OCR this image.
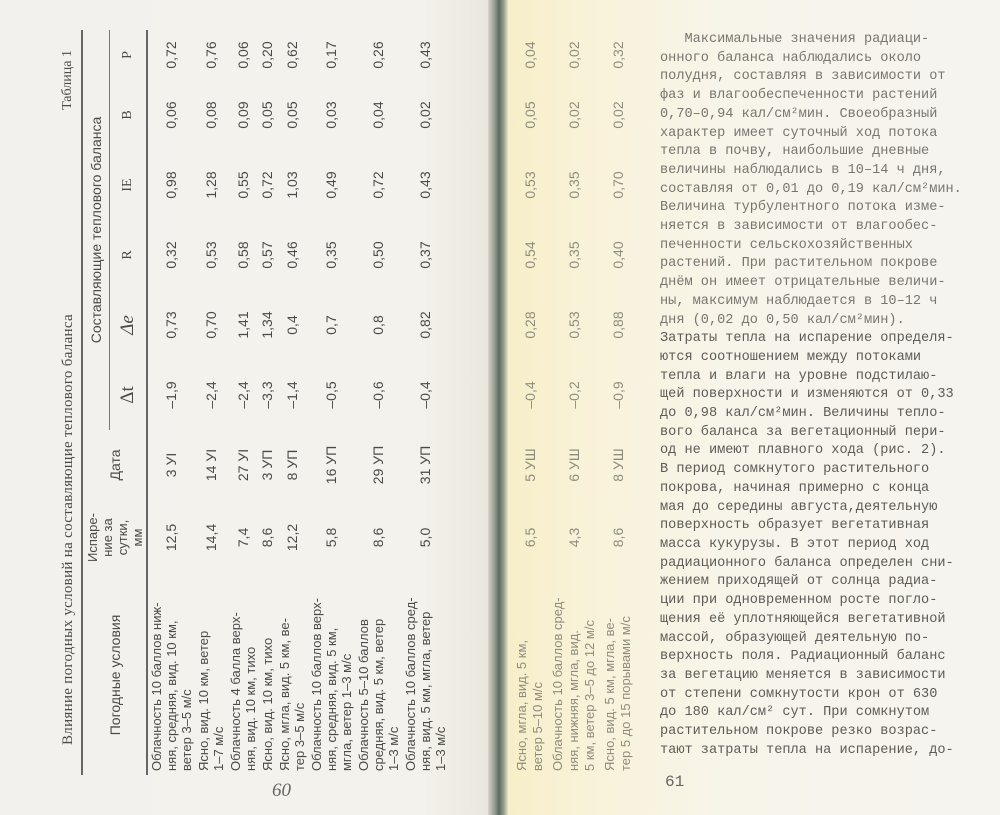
Влияние погодных условий на составляющие теплового баланса
Таблица 1
Погодные условия	Испаре-
ние за
сутки,
мм	Дата	Составляющие теплового баланса					
			Δt	Δe	R	ΙΕ	B	P
Облачность 10 баллов ниж-
няя, средняя, вид. 10 км,
ветер 3–5 м/с	12,5	3 УI	–1,9	0,73	0,32	0,98	0,06	0,72
Ясно, вид. 10 км, ветер
1–7 м/с	14,4	14 УI	–2,4	0,70	0,53	1,28	0,08	0,76
Облачность 4 балла верх-
няя, вид. 10 км, тихо	7,4	27 УI	–2,4	1,41	0,58	0,55	0,09	0,06
Ясно, вид. 10 км, тихо	8,6	3 УП	–3,3	1,34	0,57	0,72	0,05	0,20
Ясно, мгла, вид. 5 км, ве-
тер 3–5 м/с	12,2	8 УП	–1,4	0,4	0,46	1,03	0,05	0,62
Облачность 10 баллов верх-
няя, средняя, вид. 5 км,
мгла, ветер 1–3 м/с	5,8	16 УП	–0,5	0,7	0,35	0,49	0,03	0,17
Облачность 5–10 баллов
средняя, вид. 5 км, ветер
1–3 м/с	8,6	29 УП	–0,6	0,8	0,50	0,72	0,04	0,26
Облачность 10 баллов сред-
няя, вид. 5 км, мгла, ветер
1–3 м/с	5,0	31 УП	–0,4	0,82	0,37	0,43	0,02	0,43
Ясно, мгла, вид. 5 км,
ветер 5–10 м/с	6,5	5 УШ	–0,4	0,28	0,54	0,53	0,05	0,04
Облачность 10 баллов сред-
няя, нижняя, мгла, вид.
5 км, ветер 3–5 до 12 м/с	4,3	6 УШ	–0,2	0,53	0,35	0,35	0,02	0,02
Ясно, вид. 5 км, мгла, ве-
тер 5 до 15 порывами м/с	8,6	8 УШ	–0,9	0,88	0,40	0,70	0,02	0,32
Максимальные значения радиаци-
онного баланса наблюдались около
полудня, составляя в зависимости от
фаз и влагообеспеченности растений
0,70–0,94 кал/см²мин. Своеобразный
характер имеет суточный ход потока
тепла в почву, наибольшие дневные
величины наблюдались в 10–14 ч дня,
составляя от 0,01 до 0,19 кал/см²мин.
Величина турбулентного потока изме-
няется в зависимости от влагообес-
печенности сельскохозяйственных
растений. При растительном покрове
днём он имеет отрицательные величи-
ны, максимум наблюдается в 10–12 ч
дня (0,02 до 0,50 кал/см²мин).
Затраты тепла на испарение определя-
ются соотношением между потоками
тепла и влаги на уровне подстилаю-
щей поверхности и изменяются от 0,33
до 0,98 кал/см²мин. Величины тепло-
вого баланса за вегетационный пери-
од не имеют плавного хода (рис. 2).
В период сомкнутого растительного
покрова, начиная примерно с конца
мая до середины августа,деятельную
поверхность образует вегетативная
масса кукурузы. В этот период ход
радиационного баланса определен сни-
жением приходящей от солнца радиа-
ции при одновременном росте погло-
щения её уплотняющейся вегетативной
массой, образующей деятельную по-
верхность поля. Радиационный баланс
за вегетацию меняется в зависимости
от степени сомкнутости крон от 630
до 180 кал/см² сут. При сомкнутом
растительном покрове резко возрас-
тают затраты тепла на испарение, до-
60	61
